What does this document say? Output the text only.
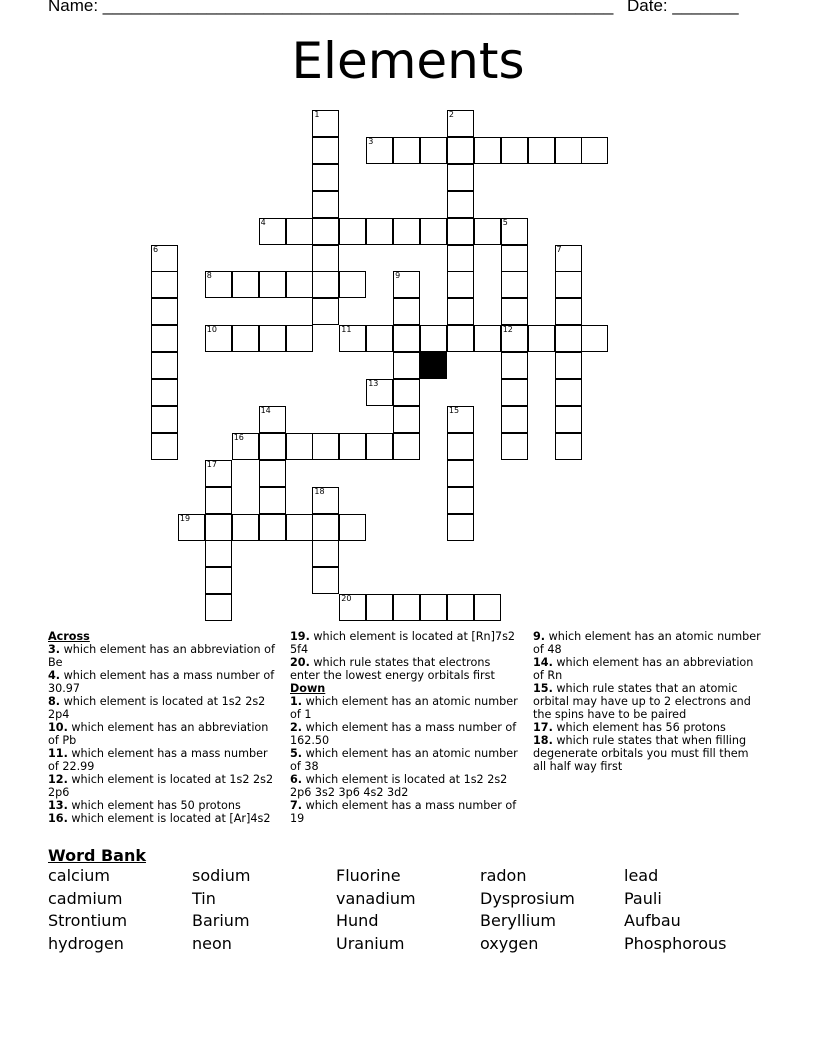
Name: ______________________________________________________ Date: _______
Elements
1	2
3
4	5
6	7
8	9
10	11	12
13
14	15
16
17
18
19
20
Across
3. which element has an abbreviation of Be
4. which element has a mass number of 30.97
8. which element is located at 1s2 2s2 2p4
10. which element has an abbreviation of Pb
11. which element has a mass number of 22.99
12. which element is located at 1s2 2s2 2p6
13. which element has 50 protons
16. which element is located at [Ar]4s2
19. which element is located at [Rn]7s2 5f4
20. which rule states that electrons enter the lowest energy orbitals first
Down
1. which element has an atomic number of 1
2. which element has a mass number of 162.50
5. which element has an atomic number of 38
6. which element is located at 1s2 2s2 2p6 3s2 3p6 4s2 3d2
7. which element has a mass number of 19
9. which element has an atomic number of 48
14. which element has an abbreviation of Rn
15. which rule states that an atomic orbital may have up to 2 electrons and the spins have to be paired
17. which element has 56 protons
18. which rule states that when filling degenerate orbitals you must fill them all half way first
Word Bank
calcium	sodium	Fluorine	radon	lead
cadmium	Tin	vanadium	Dysprosium	Pauli
Strontium	Barium	Hund	Beryllium	Aufbau
hydrogen	neon	Uranium	oxygen	Phosphorous
